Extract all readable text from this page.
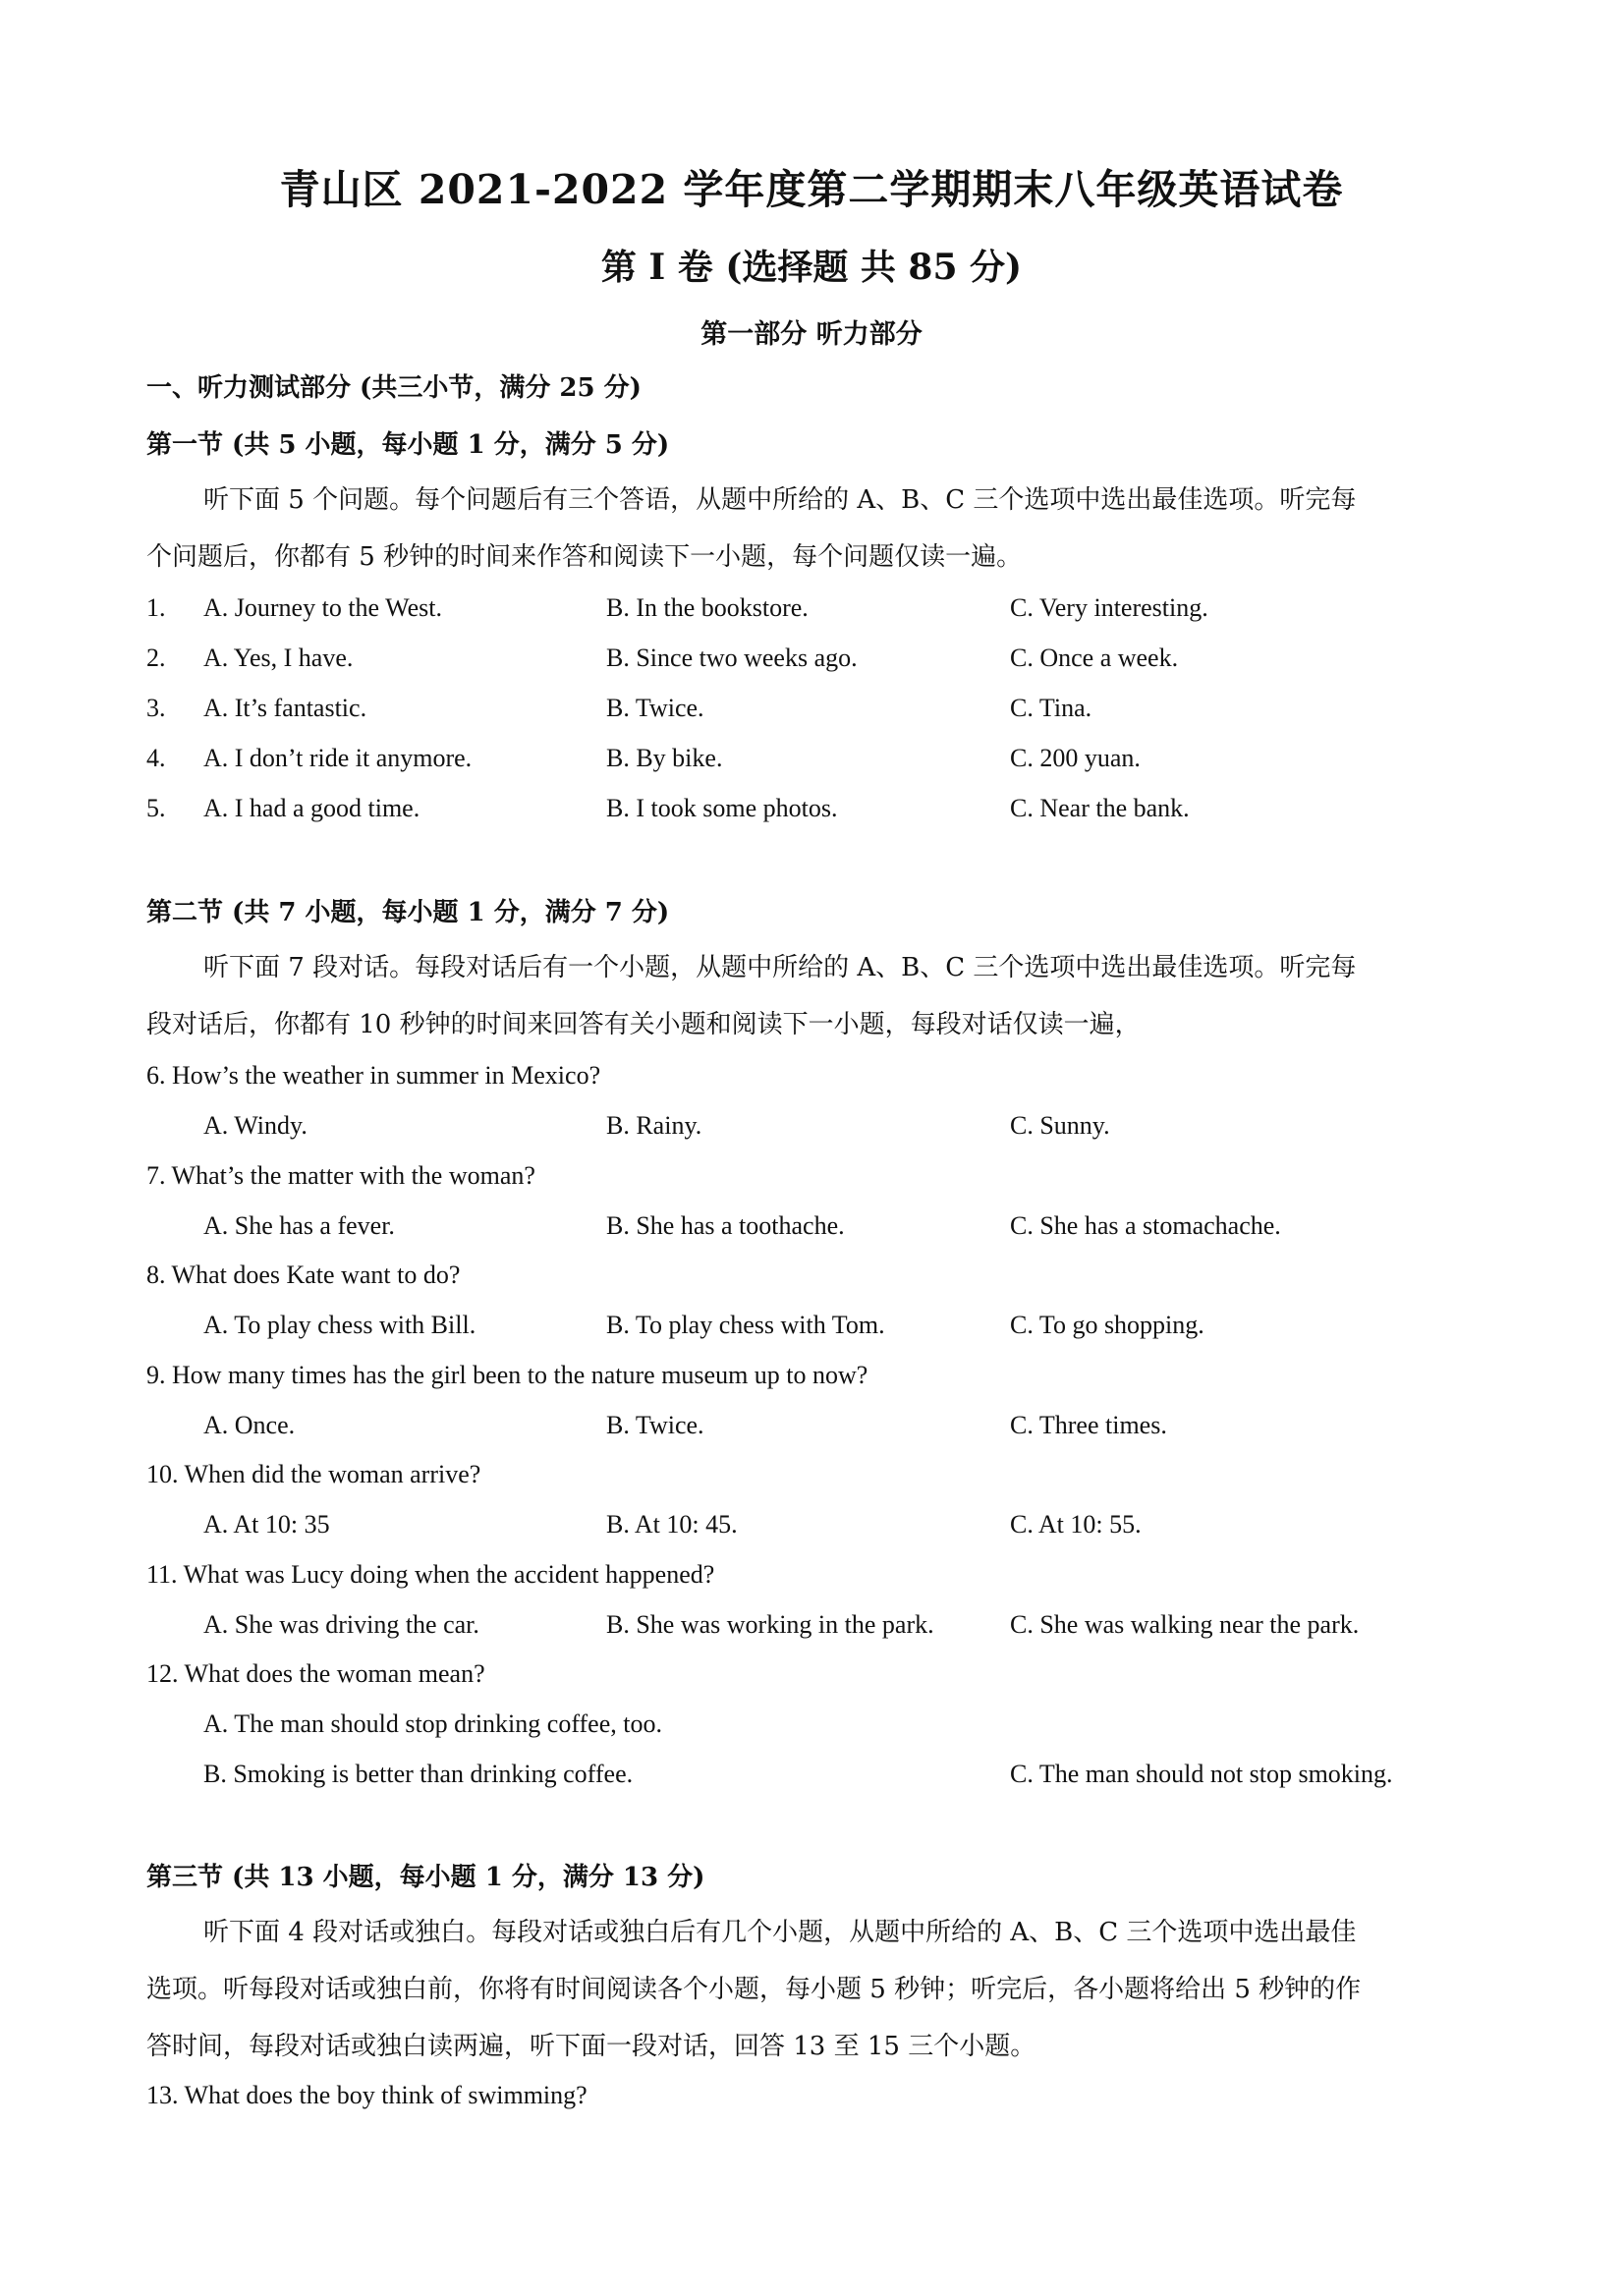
青山区 2021-2022 学年度第二学期期末八年级英语试卷
第 I 卷 (选择题 共 85 分)
第一部分 听力部分
一、听力测试部分 (共三小节，满分 25 分)
第一节 (共 5 小题，每小题 1 分，满分 5 分)
听下面 5 个问题。每个问题后有三个答语，从题中所给的 A、B、C 三个选项中选出最佳选项。听完每
个问题后，你都有 5 秒钟的时间来作答和阅读下一小题，每个问题仅读一遍。
1. A. Journey to the West.	B. In the bookstore.	C. Very interesting.
2. A. Yes, I have.	B. Since two weeks ago.	C. Once a week.
3. A. It’s fantastic.	B. Twice.	C. Tina.
4. A. I don’t ride it anymore.	B. By bike.	C. 200 yuan.
5. A. I had a good time.	B. I took some photos.	C. Near the bank.
第二节 (共 7 小题，每小题 1 分，满分 7 分)
听下面 7 段对话。每段对话后有一个小题，从题中所给的 A、B、C 三个选项中选出最佳选项。听完每
段对话后，你都有 10 秒钟的时间来回答有关小题和阅读下一小题，每段对话仅读一遍，
6. How’s the weather in summer in Mexico?
A. Windy.	B. Rainy.	C. Sunny.
7. What’s the matter with the woman?
A. She has a fever.	B. She has a toothache.	C. She has a stomachache.
8. What does Kate want to do?
A. To play chess with Bill.	B. To play chess with Tom.	C. To go shopping.
9. How many times has the girl been to the nature museum up to now?
A. Once.	B. Twice.	C. Three times.
10. When did the woman arrive?
A. At 10: 35	B. At 10: 45.	C. At 10: 55.
11. What was Lucy doing when the accident happened?
A. She was driving the car.	B. She was working in the park.	C. She was walking near the park.
12. What does the woman mean?
A. The man should stop drinking coffee, too.
B. Smoking is better than drinking coffee.	C. The man should not stop smoking.
第三节 (共 13 小题，每小题 1 分，满分 13 分)
听下面 4 段对话或独白。每段对话或独白后有几个小题，从题中所给的 A、B、C 三个选项中选出最佳
选项。听每段对话或独白前，你将有时间阅读各个小题，每小题 5 秒钟；听完后，各小题将给出 5 秒钟的作
答时间，每段对话或独白读两遍，听下面一段对话，回答 13 至 15 三个小题。
13. What does the boy think of swimming?
